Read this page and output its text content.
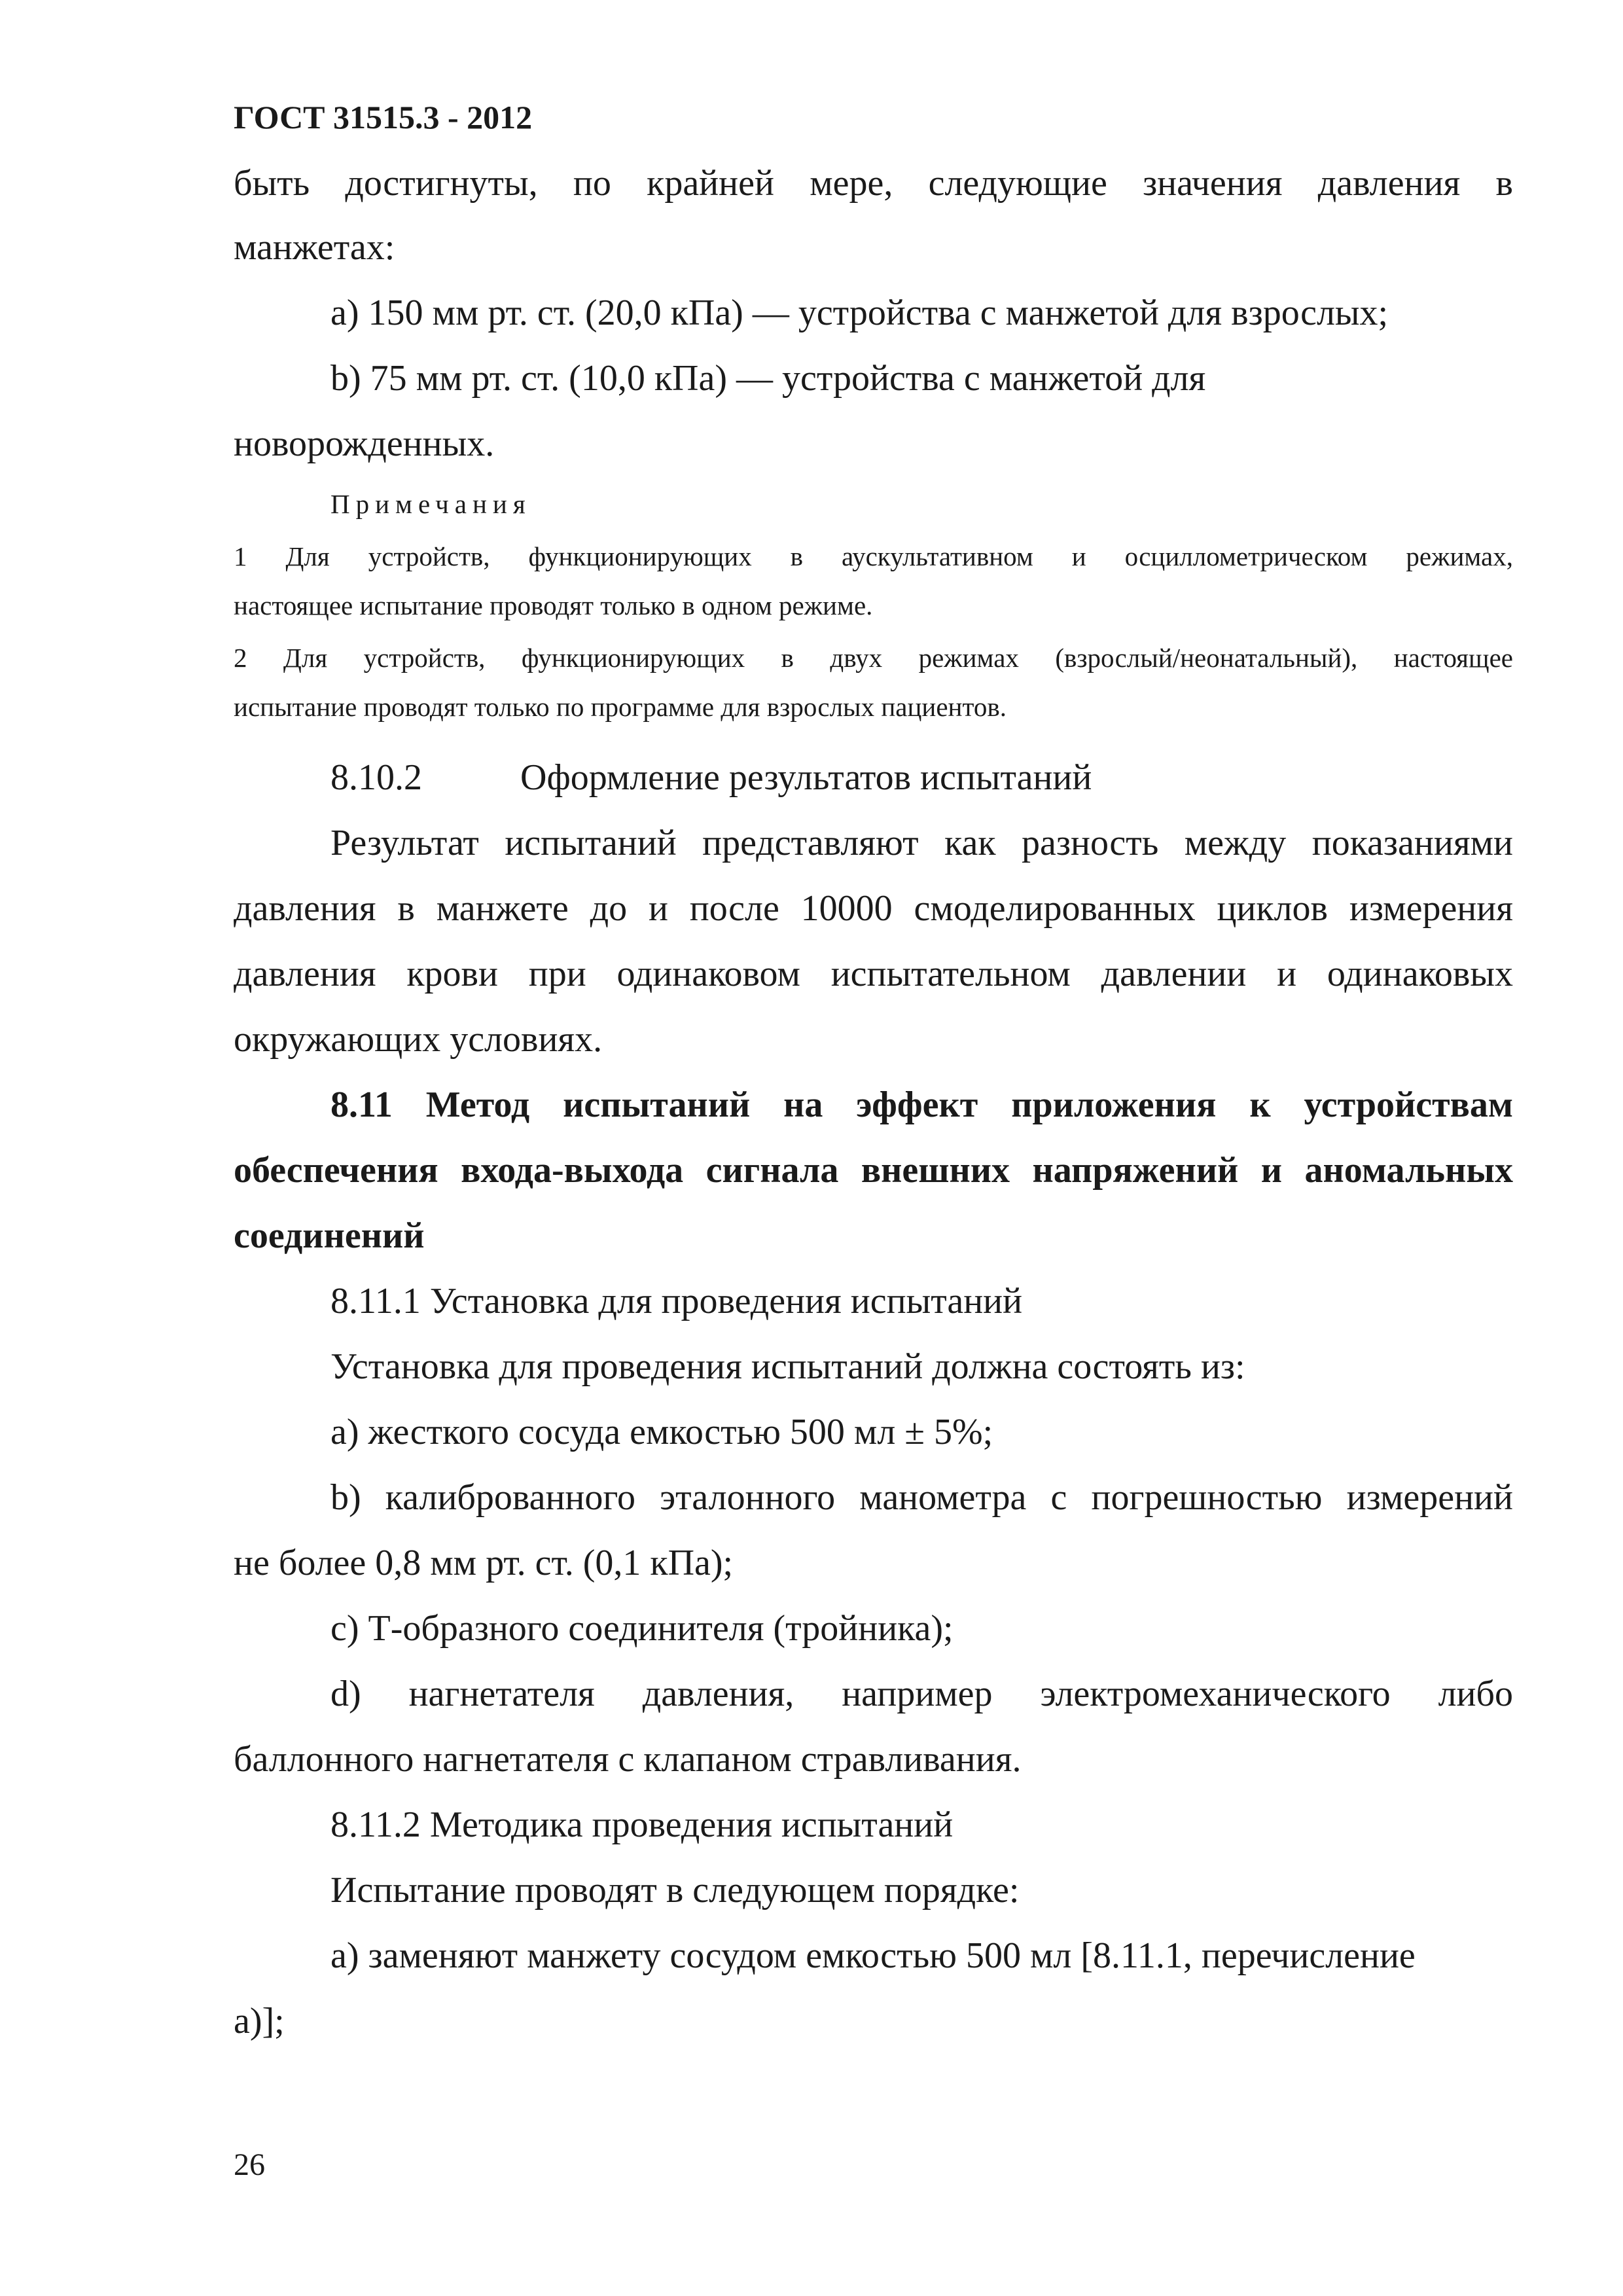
ГОСТ 31515.3 - 2012

быть достигнуты, по крайней мере, следующие значения давления в

манжетах:

a) 150 мм рт. ст. (20,0 кПа) — устройства с манжетой для взрослых;

b) 75 мм рт. ст. (10,0 кПа) — устройства с манжетой для

новорожденных.

Примечания

1 Для устройств, функционирующих в аускультативном и осциллометрическом режимах,

настоящее испытание проводят только в одном режиме.

2 Для устройств, функционирующих в двух режимах (взрослый/неонатальный), настоящее

испытание проводят только по программе для взрослых пациентов.

8.10.2	Оформление результатов испытаний

Результат испытаний представляют как разность между показаниями

давления в манжете до и после 10000 смоделированных циклов измерения

давления крови при одинаковом испытательном давлении и одинаковых

окружающих условиях.

8.11 Метод испытаний на эффект приложения к устройствам

обеспечения входа-выхода сигнала внешних напряжений и аномальных

соединений

8.11.1 Установка для проведения испытаний

Установка для проведения испытаний должна состоять из:

a) жесткого сосуда емкостью 500 мл ± 5%;

b) калиброванного эталонного манометра с погрешностью измерений

не более 0,8 мм рт. ст. (0,1 кПа);

c) Т-образного соединителя (тройника);

d) нагнетателя давления, например электромеханического либо

баллонного нагнетателя с клапаном стравливания.

8.11.2 Методика проведения испытаний

Испытание проводят в следующем порядке:

a) заменяют манжету сосудом емкостью 500 мл [8.11.1, перечисление

a)];

26
